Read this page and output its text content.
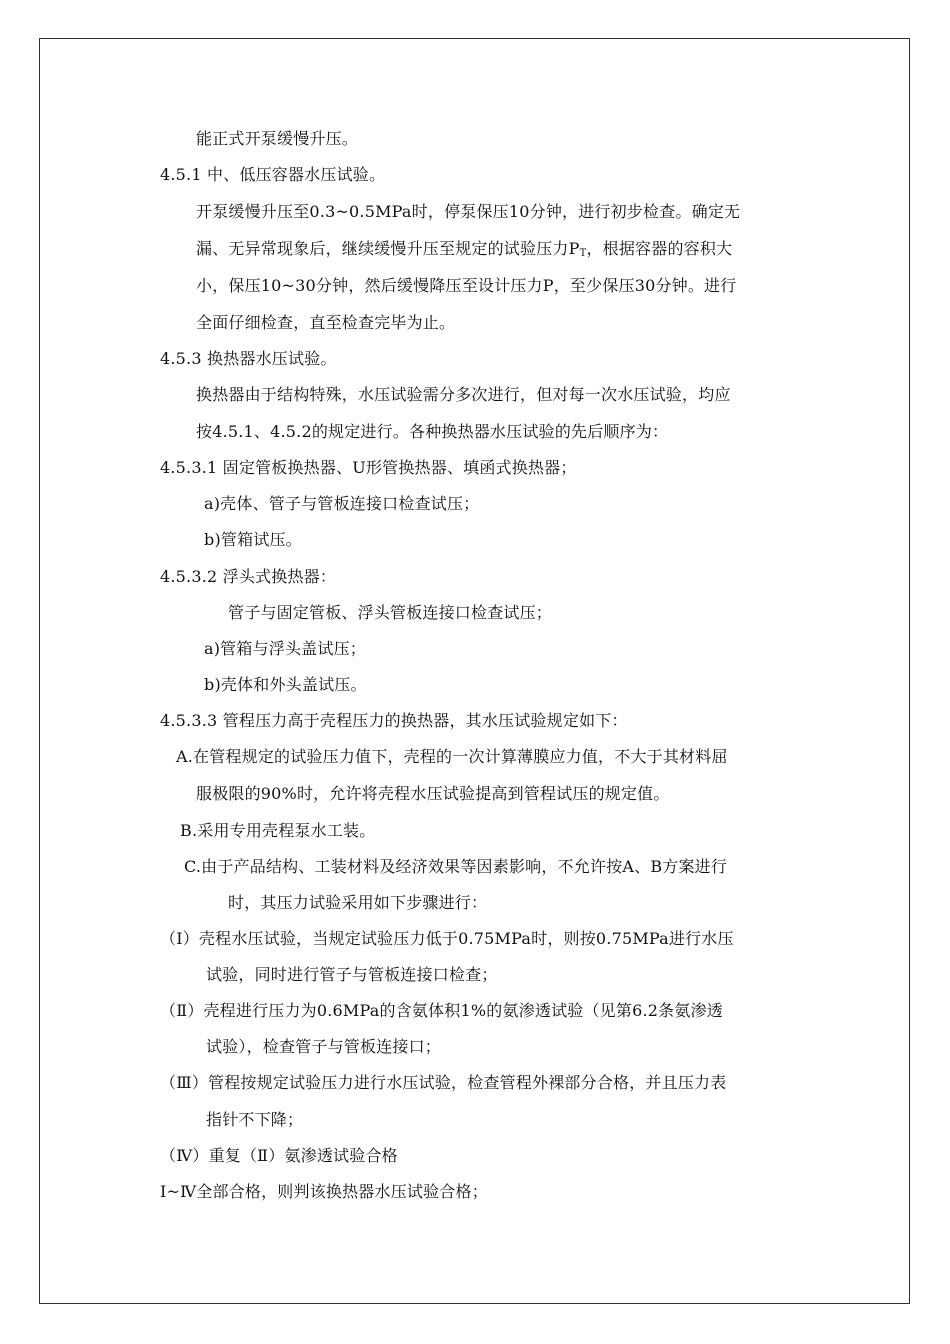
能正式开泵缓慢升压。
4.5.1 中、低压容器水压试验。
开泵缓慢升压至0.3~0.5MPa时，停泵保压10分钟，进行初步检查。确定无
漏、无异常现象后，继续缓慢升压至规定的试验压力$P_T$，根据容器的容积大
小，保压10~30分钟，然后缓慢降压至设计压力P，至少保压30分钟。进行
全面仔细检查，直至检查完毕为止。
4.5.3 换热器水压试验。
换热器由于结构特殊，水压试验需分多次进行，但对每一次水压试验，均应
按4.5.1、4.5.2的规定进行。各种换热器水压试验的先后顺序为：
4.5.3.1 固定管板换热器、U形管换热器、填函式换热器；
a)壳体、管子与管板连接口检查试压；
b)管箱试压。
4.5.3.2 浮头式换热器：
管子与固定管板、浮头管板连接口检查试压；
a)管箱与浮头盖试压；
b)壳体和外头盖试压。
4.5.3.3 管程压力高于壳程压力的换热器，其水压试验规定如下：
A.在管程规定的试验压力值下，壳程的一次计算薄膜应力值，不大于其材料屈
服极限的90%时，允许将壳程水压试验提高到管程试压的规定值。
B.采用专用壳程泵水工装。
C.由于产品结构、工装材料及经济效果等因素影响，不允许按A、B方案进行
时，其压力试验采用如下步骤进行：
（Ⅰ）壳程水压试验，当规定试验压力低于0.75MPa时，则按0.75MPa进行水压
试验，同时进行管子与管板连接口检查；
（Ⅱ）壳程进行压力为0.6MPa的含氨体积1%的氨渗透试验（见第6.2条氨渗透
试验），检查管子与管板连接口；
（Ⅲ）管程按规定试验压力进行水压试验，检查管程外裸部分合格，并且压力表
指针不下降；
（Ⅳ）重复（Ⅱ）氨渗透试验合格
Ⅰ~Ⅳ全部合格，则判该换热器水压试验合格；
